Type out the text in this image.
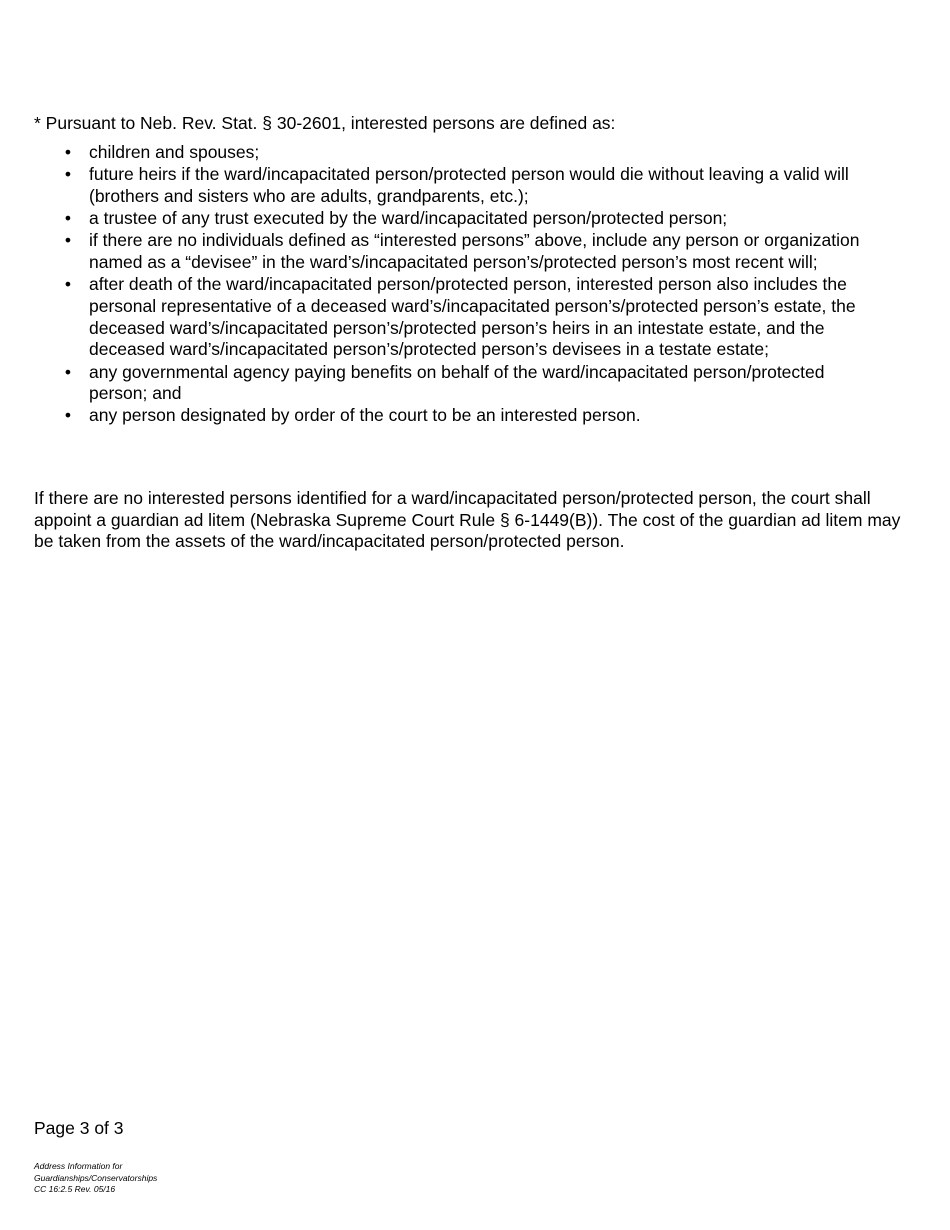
* Pursuant to Neb. Rev. Stat. § 30-2601, interested persons are defined as:

• children and spouses;
• future heirs if the ward/incapacitated person/protected person would die without leaving a valid will (brothers and sisters who are adults, grandparents, etc.);
• a trustee of any trust executed by the ward/incapacitated person/protected person;
• if there are no individuals defined as “interested persons” above, include any person or organization named as a “devisee” in the ward’s/incapacitated person’s/protected person’s most recent will;
• after death of the ward/incapacitated person/protected person, interested person also includes the personal representative of a deceased ward’s/incapacitated person’s/protected person’s estate, the deceased ward’s/incapacitated person’s/protected person’s heirs in an intestate estate, and the deceased ward’s/incapacitated person’s/protected person’s devisees in a testate estate;
• any governmental agency paying benefits on behalf of the ward/incapacitated person/protected person; and
• any person designated by order of the court to be an interested person.

If there are no interested persons identified for a ward/incapacitated person/protected person, the court shall appoint a guardian ad litem (Nebraska Supreme Court Rule § 6-1449(B)). The cost of the guardian ad litem may be taken from the assets of the ward/incapacitated person/protected person.

Page 3 of 3

Address Information for
Guardianships/Conservatorships
CC 16:2.5 Rev. 05/16
